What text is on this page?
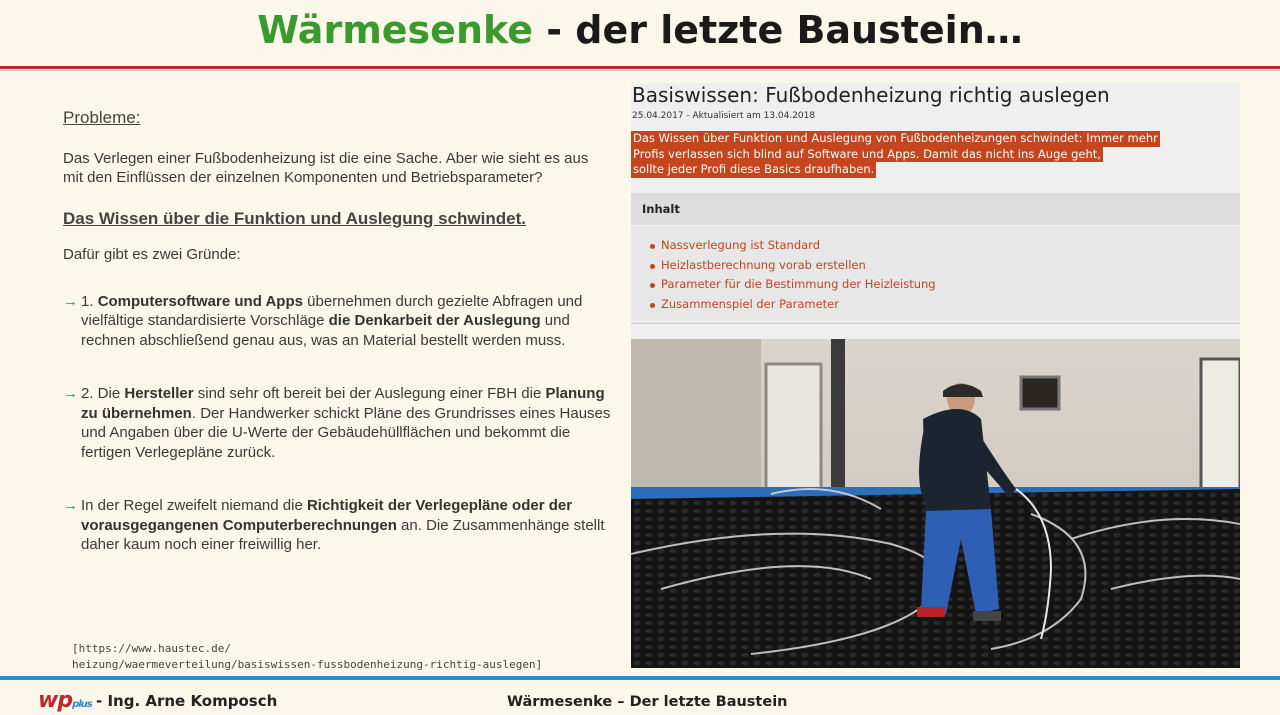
Wärmesenke - der letzte Baustein…
Probleme:
Das Verlegen einer Fußbodenheizung ist die eine Sache. Aber wie sieht es aus mit den Einflüssen der einzelnen Komponenten und Betriebsparameter?
Das Wissen über die Funktion und Auslegung schwindet.
Dafür gibt es zwei Gründe:
→ 1. Computersoftware und Apps übernehmen durch gezielte Abfragen und vielfältige standardisierte Vorschläge die Denkarbeit der Auslegung und rechnen abschließend genau aus, was an Material bestellt werden muss.
→ 2. Die Hersteller sind sehr oft bereit bei der Auslegung einer FBH die Planung zu übernehmen. Der Handwerker schickt Pläne des Grundrisses eines Hauses und Angaben über die U-Werte der Gebäudehüllflächen und bekommt die fertigen Verlegepläne zurück.
→ In der Regel zweifelt niemand die Richtigkeit der Verlegepläne oder der vorausgegangenen Computerberechnungen an. Die Zusammenhänge stellt daher kaum noch einer freiwillig her.
[https://www.haustec.de/
heizung/waermeverteilung/basiswissen-fussbodenheizung-richtig-auslegen]
Basiswissen: Fußbodenheizung richtig auslegen
25.04.2017 - Aktualisiert am 13.04.2018
Das Wissen über Funktion und Auslegung von Fußbodenheizungen schwindet: Immer mehr
Profis verlassen sich blind auf Software und Apps. Damit das nicht ins Auge geht,
sollte jeder Profi diese Basics draufhaben.
Inhalt
Nassverlegung ist Standard
Heizlastberechnung vorab erstellen
Parameter für die Bestimmung der Heizleistung
Zusammenspiel der Parameter
wpplus - Ing. Arne Komposch	Wärmesenke – Der letzte Baustein
